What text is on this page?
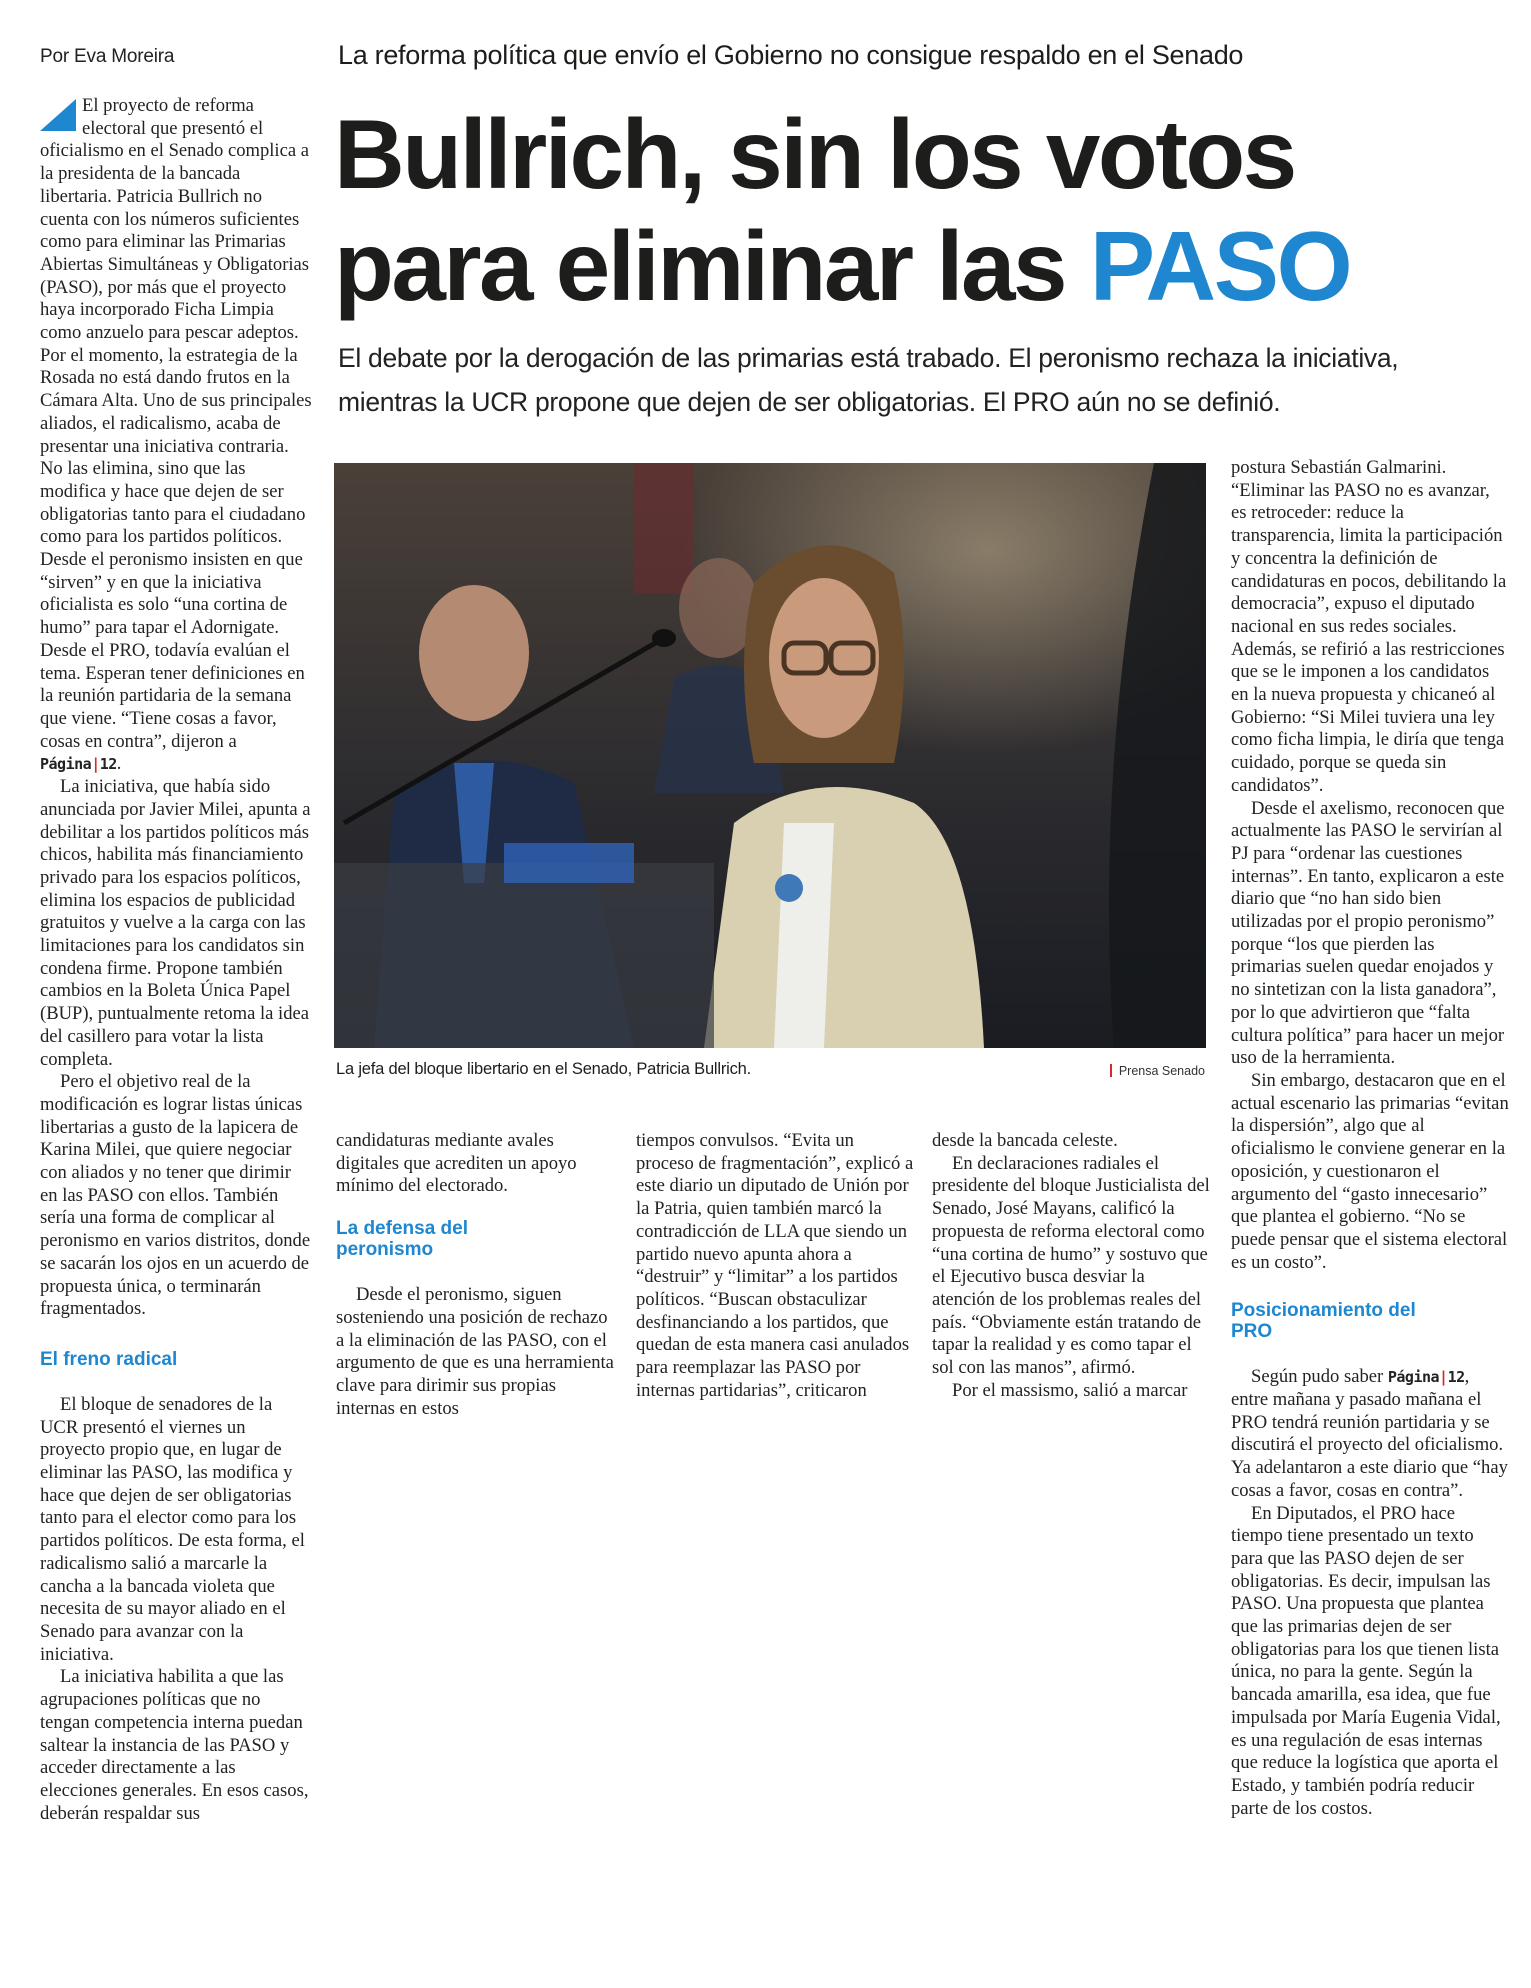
Por Eva Moreira	La reforma política que envío el Gobierno no consigue respaldo en el Senado
Bullrich, sin los votos
para eliminar las PASO
El debate por la derogación de las primarias está trabado. El peronismo rechaza la iniciativa, mientras la UCR propone que dejen de ser obligatorias. El PRO aún no se definió.

El proyecto de reforma electoral que presentó el oficialismo en el Senado complica a la presidenta de la bancada libertaria. Patricia Bullrich no cuenta con los números suficientes como para eliminar las Primarias Abiertas Simultáneas y Obligatorias (PASO), por más que el proyecto haya incorporado Ficha Limpia como anzuelo para pescar adeptos. Por el momento, la estrategia de la Rosada no está dando frutos en la Cámara Alta. Uno de sus principales aliados, el radicalismo, acaba de presentar una iniciativa contraria. No las elimina, sino que las modifica y hace que dejen de ser obligatorias tanto para el ciudadano como para los partidos políticos. Desde el peronismo insisten en que “sirven” y en que la iniciativa oficialista es solo “una cortina de humo” para tapar el Adornigate. Desde el PRO, todavía evalúan el tema. Esperan tener definiciones en la reunión partidaria de la semana que viene. “Tiene cosas a favor, cosas en contra”, dijeron a Página|12.

La iniciativa, que había sido anunciada por Javier Milei, apunta a debilitar a los partidos políticos más chicos, habilita más financiamiento privado para los espacios políticos, elimina los espacios de publicidad gratuitos y vuelve a la carga con las limitaciones para los candidatos sin condena firme. Propone también cambios en la Boleta Única Papel (BUP), puntualmente retoma la idea del casillero para votar la lista completa.

Pero el objetivo real de la modificación es lograr listas únicas libertarias a gusto de la lapicera de Karina Milei, que quiere negociar con aliados y no tener que dirimir en las PASO con ellos. También sería una forma de complicar al peronismo en varios distritos, donde se sacarán los ojos en un acuerdo de propuesta única, o terminarán fragmentados.

El freno radical

El bloque de senadores de la UCR presentó el viernes un proyecto propio que, en lugar de eliminar las PASO, las modifica y hace que dejen de ser obligatorias tanto para el elector como para los partidos políticos. De esta forma, el radicalismo salió a marcarle la cancha a la bancada violeta que necesita de su mayor aliado en el Senado para avanzar con la iniciativa.

La iniciativa habilita a que las agrupaciones políticas que no tengan competencia interna puedan saltear la instancia de las PASO y acceder directamente a las elecciones generales. En esos casos, deberán respaldar sus

La jefa del bloque libertario en el Senado, Patricia Bullrich.	Prensa Senado

candidaturas mediante avales digitales que acrediten un apoyo mínimo del electorado.

La defensa del peronismo

Desde el peronismo, siguen sosteniendo una posición de rechazo a la eliminación de las PASO, con el argumento de que es una herramienta clave para dirimir sus propias internas en estos

tiempos convulsos. “Evita un proceso de fragmentación”, explicó a este diario un diputado de Unión por la Patria, quien también marcó la contradicción de LLA que siendo un partido nuevo apunta ahora a “destruir” y “limitar” a los partidos políticos. “Buscan obstaculizar desfinanciando a los partidos, que quedan de esta manera casi anulados para reemplazar las PASO por internas partidarias”, criticaron

desde la bancada celeste.

En declaraciones radiales el presidente del bloque Justicialista del Senado, José Mayans, calificó la propuesta de reforma electoral como “una cortina de humo” y sostuvo que el Ejecutivo busca desviar la atención de los problemas reales del país. “Obviamente están tratando de tapar la realidad y es como tapar el sol con las manos”, afirmó.

Por el massismo, salió a marcar

postura Sebastián Galmarini. “Eliminar las PASO no es avanzar, es retroceder: reduce la transparencia, limita la participación y concentra la definición de candidaturas en pocos, debilitando la democracia”, expuso el diputado nacional en sus redes sociales. Además, se refirió a las restricciones que se le imponen a los candidatos en la nueva propuesta y chicaneó al Gobierno: “Si Milei tuviera una ley como ficha limpia, le diría que tenga cuidado, porque se queda sin candidatos”.

Desde el axelismo, reconocen que actualmente las PASO le servirían al PJ para “ordenar las cuestiones internas”. En tanto, explicaron a este diario que “no han sido bien utilizadas por el propio peronismo” porque “los que pierden las primarias suelen quedar enojados y no sintetizan con la lista ganadora”, por lo que advirtieron que “falta cultura política” para hacer un mejor uso de la herramienta.

Sin embargo, destacaron que en el actual escenario las primarias “evitan la dispersión”, algo que al oficialismo le conviene generar en la oposición, y cuestionaron el argumento del “gasto innecesario” que plantea el gobierno. “No se puede pensar que el sistema electoral es un costo”.

Posicionamiento del PRO

Según pudo saber Página|12, entre mañana y pasado mañana el PRO tendrá reunión partidaria y se discutirá el proyecto del oficialismo. Ya adelantaron a este diario que “hay cosas a favor, cosas en contra”.

En Diputados, el PRO hace tiempo tiene presentado un texto para que las PASO dejen de ser obligatorias. Es decir, impulsan las PASO. Una propuesta que plantea que las primarias dejen de ser obligatorias para los que tienen lista única, no para la gente. Según la bancada amarilla, esa idea, que fue impulsada por María Eugenia Vidal, es una regulación de esas internas que reduce la logística que aporta el Estado, y también podría reducir parte de los costos.
